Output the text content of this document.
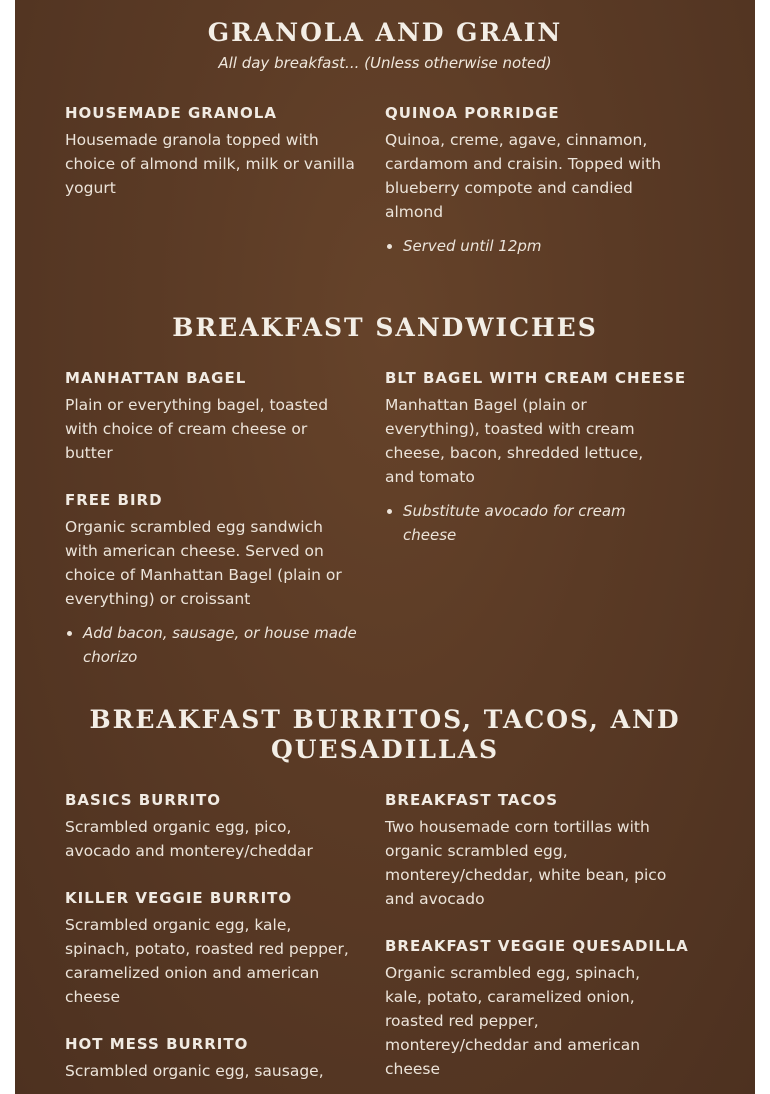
GRANOLA AND GRAIN

All day breakfast... (Unless otherwise noted)

HOUSEMADE GRANOLA

Housemade granola topped with choice of almond milk, milk or vanilla yogurt

QUINOA PORRIDGE

Quinoa, creme, agave, cinnamon, cardamom and craisin. Topped with blueberry compote and candied almond

• Served until 12pm
BREAKFAST SANDWICHES

MANHATTAN BAGEL

Plain or everything bagel, toasted with choice of cream cheese or butter

FREE BIRD

Organic scrambled egg sandwich with american cheese. Served on choice of Manhattan Bagel (plain or everything) or croissant

• Add bacon, sausage, or house made chorizo

BLT BAGEL WITH CREAM CHEESE

Manhattan Bagel (plain or everything), toasted with cream cheese, bacon, shredded lettuce, and tomato

• Substitute avocado for cream cheese
BREAKFAST BURRITOS, TACOS, AND QUESADILLAS

BASICS BURRITO

Scrambled organic egg, pico, avocado and monterey/cheddar

KILLER VEGGIE BURRITO

Scrambled organic egg, kale, spinach, potato, roasted red pepper, caramelized onion and american cheese

HOT MESS BURRITO

Scrambled organic egg, sausage,

BREAKFAST TACOS

Two housemade corn tortillas with organic scrambled egg, monterey/cheddar, white bean, pico and avocado

BREAKFAST VEGGIE QUESADILLA

Organic scrambled egg, spinach, kale, potato, caramelized onion, roasted red pepper, monterey/cheddar and american cheese
